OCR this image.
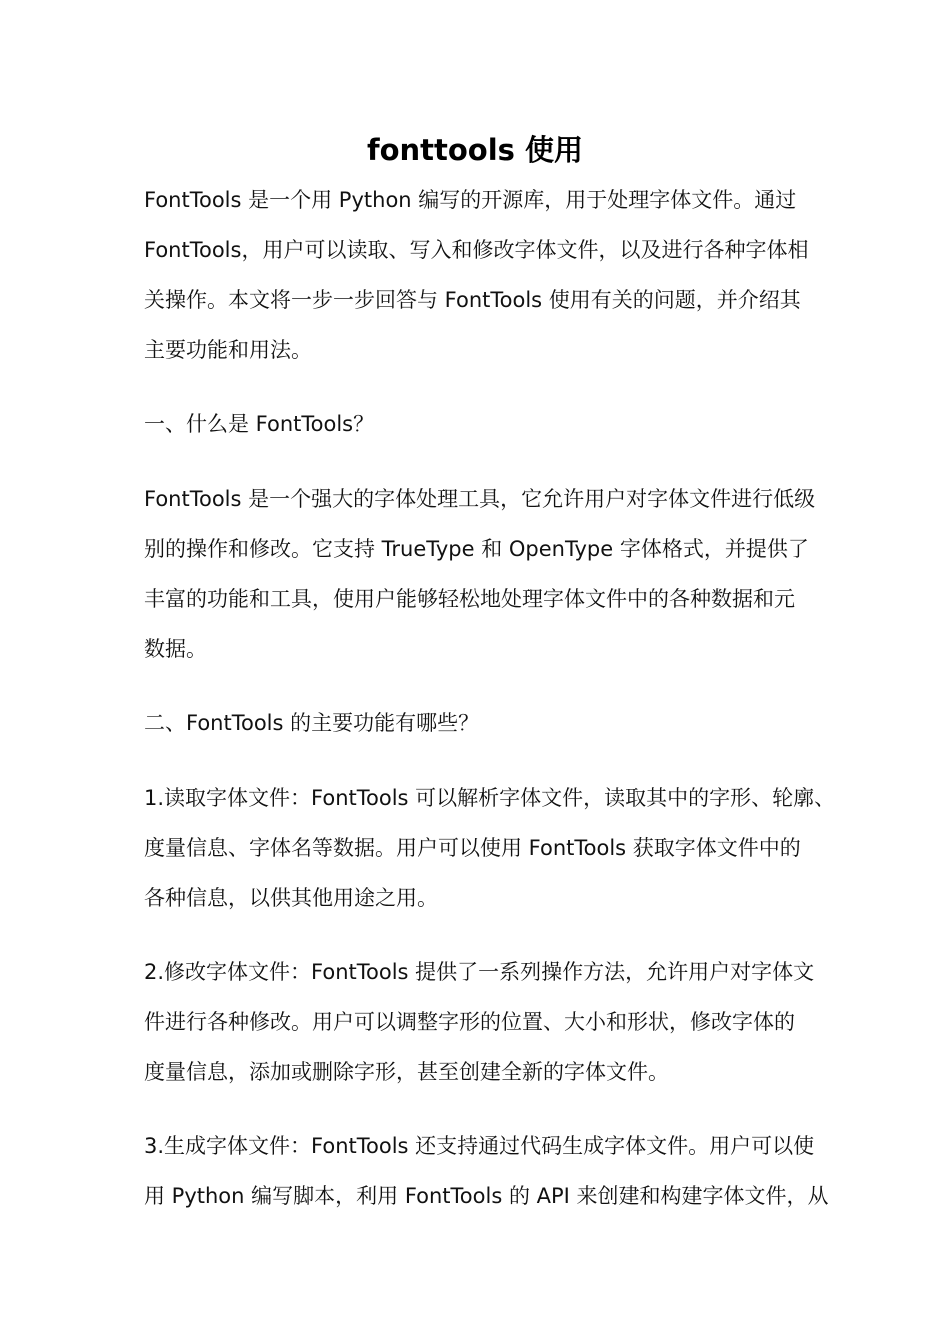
fonttools 使用

FontTools 是一个用 Python 编写的开源库，用于处理字体文件。通过

FontTools，用户可以读取、写入和修改字体文件，以及进行各种字体相

关操作。本文将一步一步回答与 FontTools 使用有关的问题，并介绍其

主要功能和用法。

一、什么是 FontTools？

FontTools 是一个强大的字体处理工具，它允许用户对字体文件进行低级

别的操作和修改。它支持 TrueType 和 OpenType 字体格式，并提供了

丰富的功能和工具，使用户能够轻松地处理字体文件中的各种数据和元

数据。

二、FontTools 的主要功能有哪些？

1.读取字体文件：FontTools 可以解析字体文件，读取其中的字形、轮廓、

度量信息、字体名等数据。用户可以使用 FontTools 获取字体文件中的

各种信息，以供其他用途之用。

2.修改字体文件：FontTools 提供了一系列操作方法，允许用户对字体文

件进行各种修改。用户可以调整字形的位置、大小和形状，修改字体的

度量信息，添加或删除字形，甚至创建全新的字体文件。

3.生成字体文件：FontTools 还支持通过代码生成字体文件。用户可以使

用 Python 编写脚本，利用 FontTools 的 API 来创建和构建字体文件，从
